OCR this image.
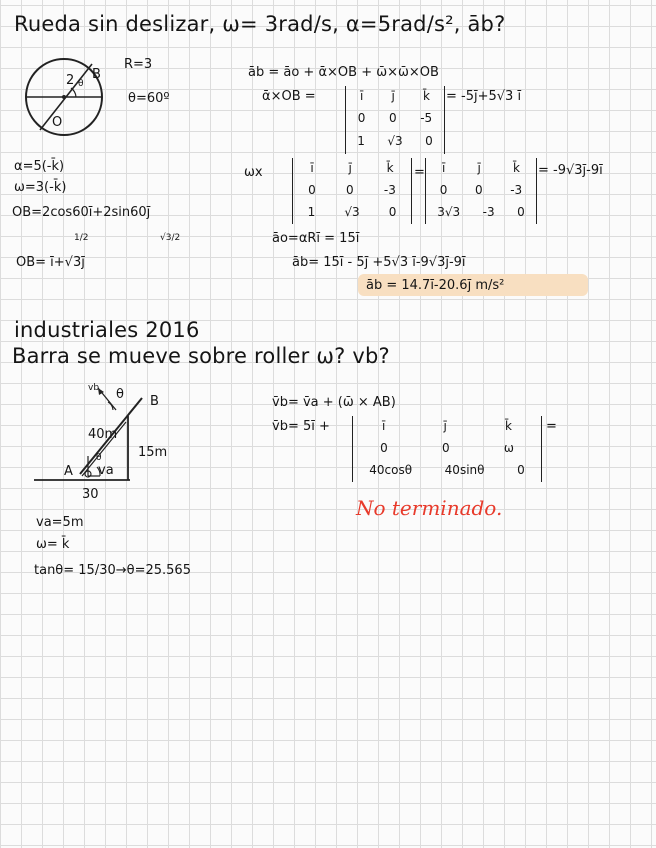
Rueda sin deslizar, ω= 3rad/s, α=5rad/s², āb?
2 θ
B
O
R=3
θ=60º
α=5(-k̄)
ω=3(-k̄)
OB=2cos60ī+2sin60j̄
1/2	√3/2
OB= ī+√3j̄
āb = āo + ᾱ×OB + ω̄×ω̄×OB
ᾱ×OB =	ī j̄ k̄
0 0 -5
1 √3 0
= -5j̄+5√3 ī
ωx	ī	j̄	k̄
0	0	-3
1 √3 0
= ī	j̄	k̄
0 0 -3
3√3 -3 0
= -9√3j̄-9ī
āo=αRī = 15ī
āb= 15ī - 5j̄ +5√3 ī-9√3j̄-9ī
āb = 14.7ī-20.6j̄ m/s²
industriales 2016
Barra se mueve sobre roller ω? vb?
vb θ B
40m
15m
A
θ
va
30
va=5m
ω= k̄
tanθ= 15/30→θ=25.565
v̄b= v̄a + (ω̄ × AB)
v̄b= 5ī +	ī	j̄	k̄
0	0	ω
40cosθ	40sinθ	0
=
No terminado.
